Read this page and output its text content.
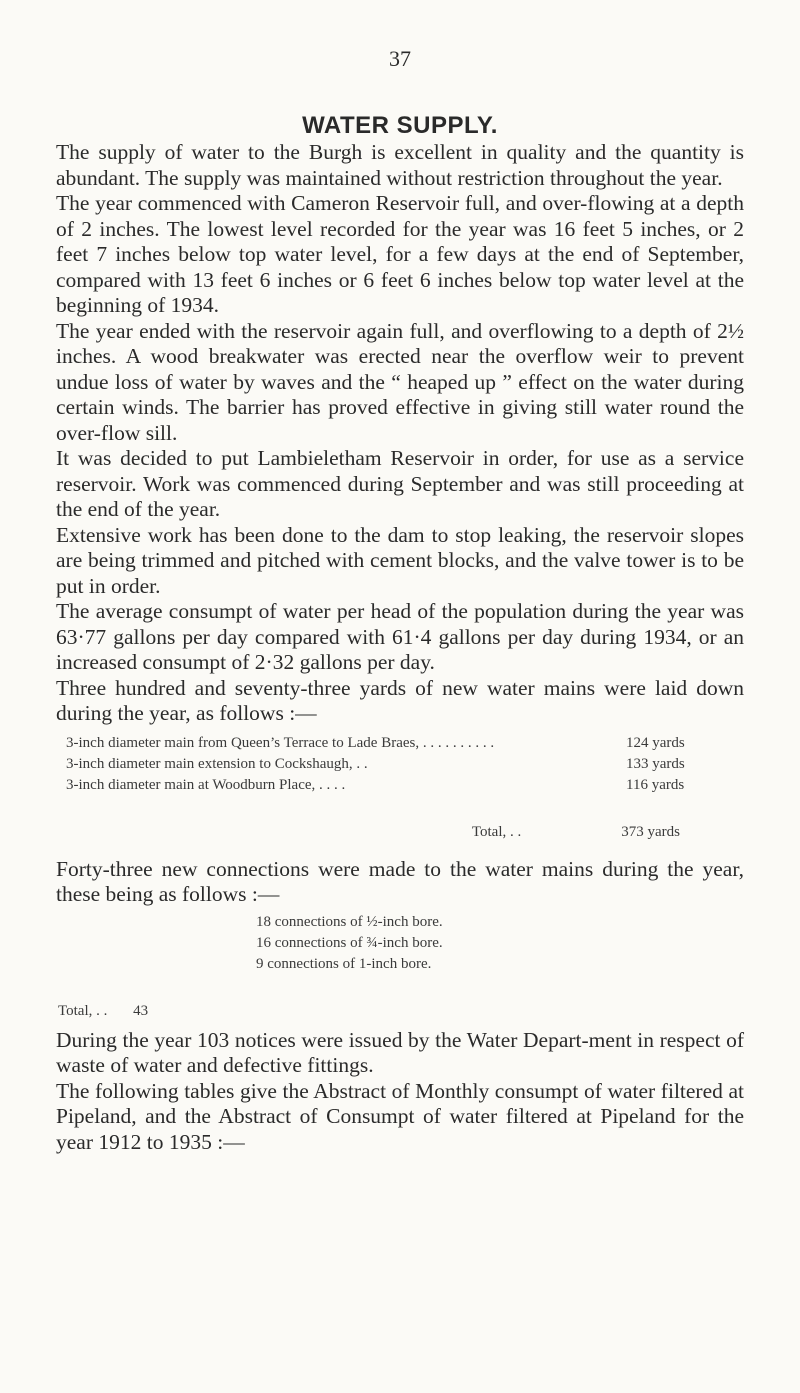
37
WATER SUPPLY.

The supply of water to the Burgh is excellent in quality and the quantity is abundant. The supply was maintained without restriction throughout the year.

The year commenced with Cameron Reservoir full, and over-flowing at a depth of 2 inches. The lowest level recorded for the year was 16 feet 5 inches, or 2 feet 7 inches below top water level, for a few days at the end of September, compared with 13 feet 6 inches or 6 feet 6 inches below top water level at the beginning of 1934.

The year ended with the reservoir again full, and overflowing to a depth of 2½ inches. A wood breakwater was erected near the overflow weir to prevent undue loss of water by waves and the “ heaped up ” effect on the water during certain winds. The barrier has proved effective in giving still water round the over-flow sill.

It was decided to put Lambieletham Reservoir in order, for use as a service reservoir. Work was commenced during September and was still proceeding at the end of the year.

Extensive work has been done to the dam to stop leaking, the reservoir slopes are being trimmed and pitched with cement blocks, and the valve tower is to be put in order.

The average consumpt of water per head of the population during the year was 63·77 gallons per day compared with 61·4 gallons per day during 1934, or an increased consumpt of 2·32 gallons per day.

Three hundred and seventy-three yards of new water mains were laid down during the year, as follows :—

3-inch diameter main from Queen’s Terrace to Lade Braes, . . . . . . . . . .	124 yards
3-inch diameter main extension to Cockshaugh, . .	133 yards
3-inch diameter main at Woodburn Place, . . . .	116 yards
Total, . .	373 yards

Forty-three new connections were made to the water mains during the year, these being as follows :—

18 connections of ½-inch bore.
16 connections of ¾-inch bore.
9 connections of 1-inch bore.
Total, . . 43

During the year 103 notices were issued by the Water Depart-ment in respect of waste of water and defective fittings.

The following tables give the Abstract of Monthly consumpt of water filtered at Pipeland, and the Abstract of Consumpt of water filtered at Pipeland for the year 1912 to 1935 :—
